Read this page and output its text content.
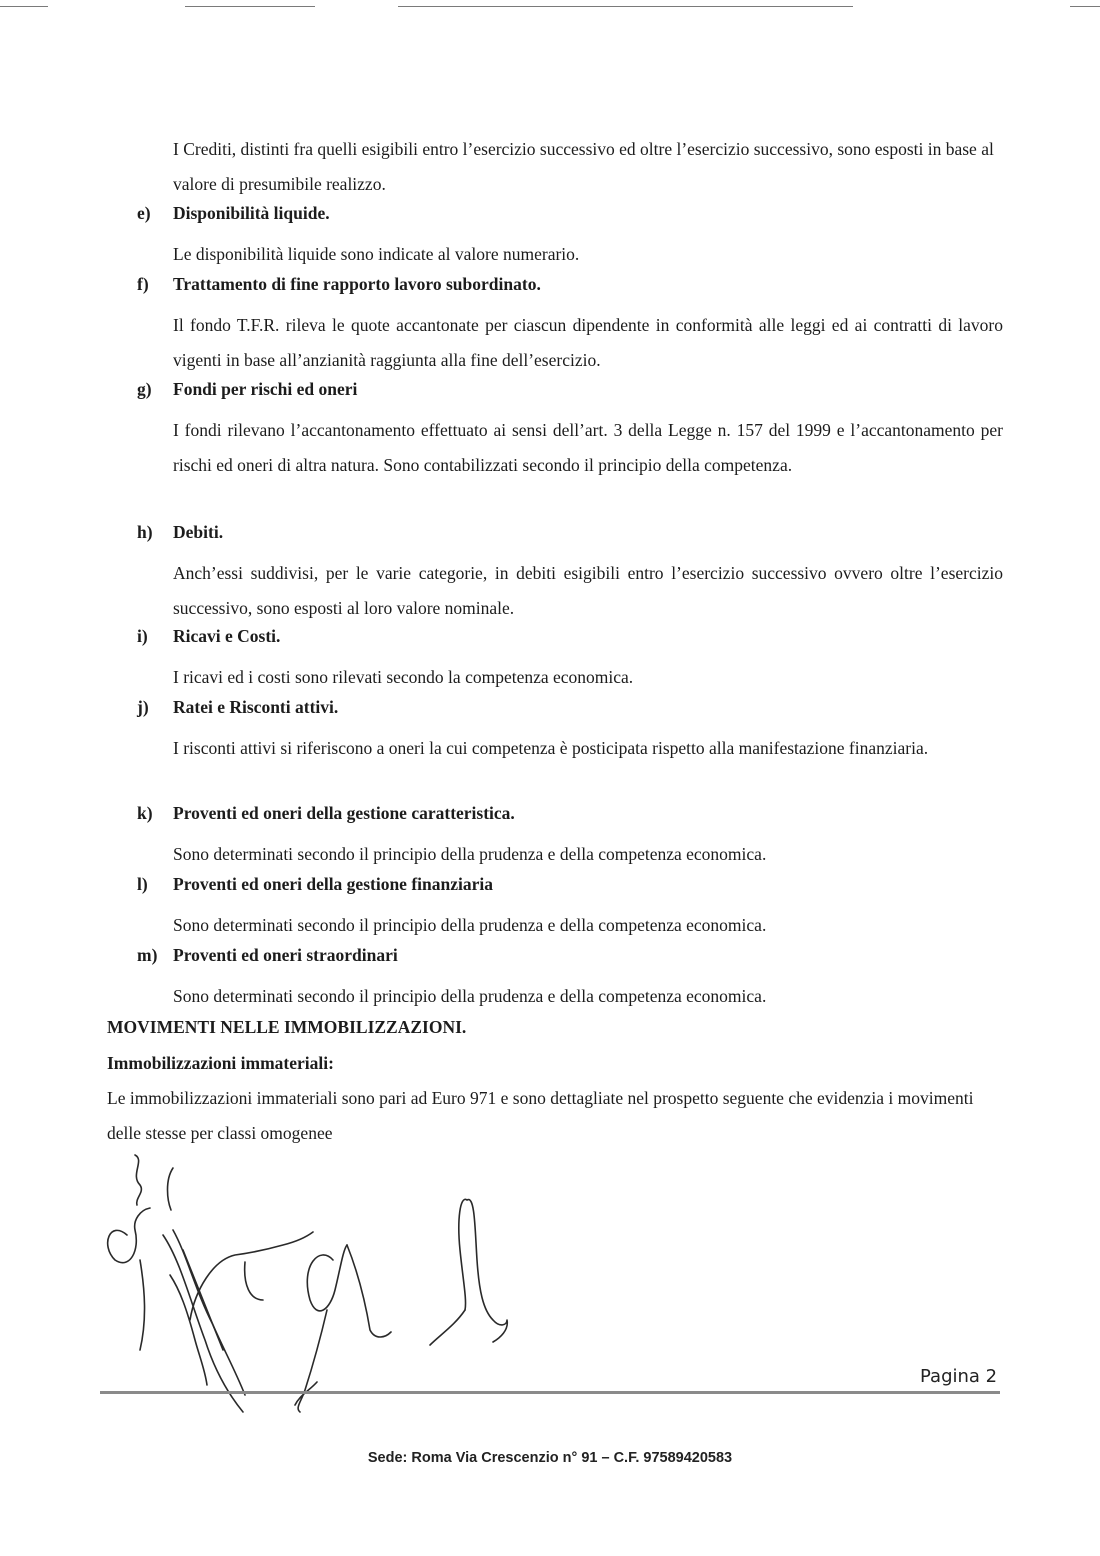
I Crediti, distinti fra quelli esigibili entro l’esercizio successivo ed oltre l’esercizio successivo, sono esposti in base al valore di presumibile realizzo.
e)	Disponibilità liquide.
Le disponibilità liquide sono indicate al valore numerario.
f)	Trattamento di fine rapporto lavoro subordinato.
Il fondo T.F.R. rileva le quote accantonate per ciascun dipendente in conformità alle leggi ed ai contratti di lavoro vigenti in base all’anzianità raggiunta alla fine dell’esercizio.
g)	Fondi per rischi ed oneri
I fondi rilevano l’accantonamento effettuato ai sensi dell’art. 3 della Legge n. 157 del 1999 e l’accantonamento per rischi ed oneri di altra natura. Sono contabilizzati secondo il principio della competenza.
h)	Debiti.
Anch’essi suddivisi, per le varie categorie, in debiti esigibili entro l’esercizio successivo ovvero oltre l’esercizio successivo, sono esposti al loro valore nominale.
i)	Ricavi e Costi.
I ricavi ed i costi sono rilevati secondo la competenza economica.
j)	Ratei e Risconti attivi.
I risconti attivi si riferiscono a oneri la cui competenza è posticipata rispetto alla manifestazione finanziaria.
k)	Proventi ed oneri della gestione caratteristica.
Sono determinati secondo il principio della prudenza e della competenza economica.
l)	Proventi ed oneri della gestione finanziaria
Sono determinati secondo il principio della prudenza e della competenza economica.
m) Proventi ed oneri straordinari
Sono determinati secondo il principio della prudenza e della competenza economica.
MOVIMENTI NELLE IMMOBILIZZAZIONI.
Immobilizzazioni immateriali:
Le immobilizzazioni immateriali sono pari ad Euro 971 e sono dettagliate nel prospetto seguente che evidenzia i movimenti delle stesse per classi omogenee
Pagina 2
Sede: Roma Via Crescenzio n° 91 – C.F. 97589420583
